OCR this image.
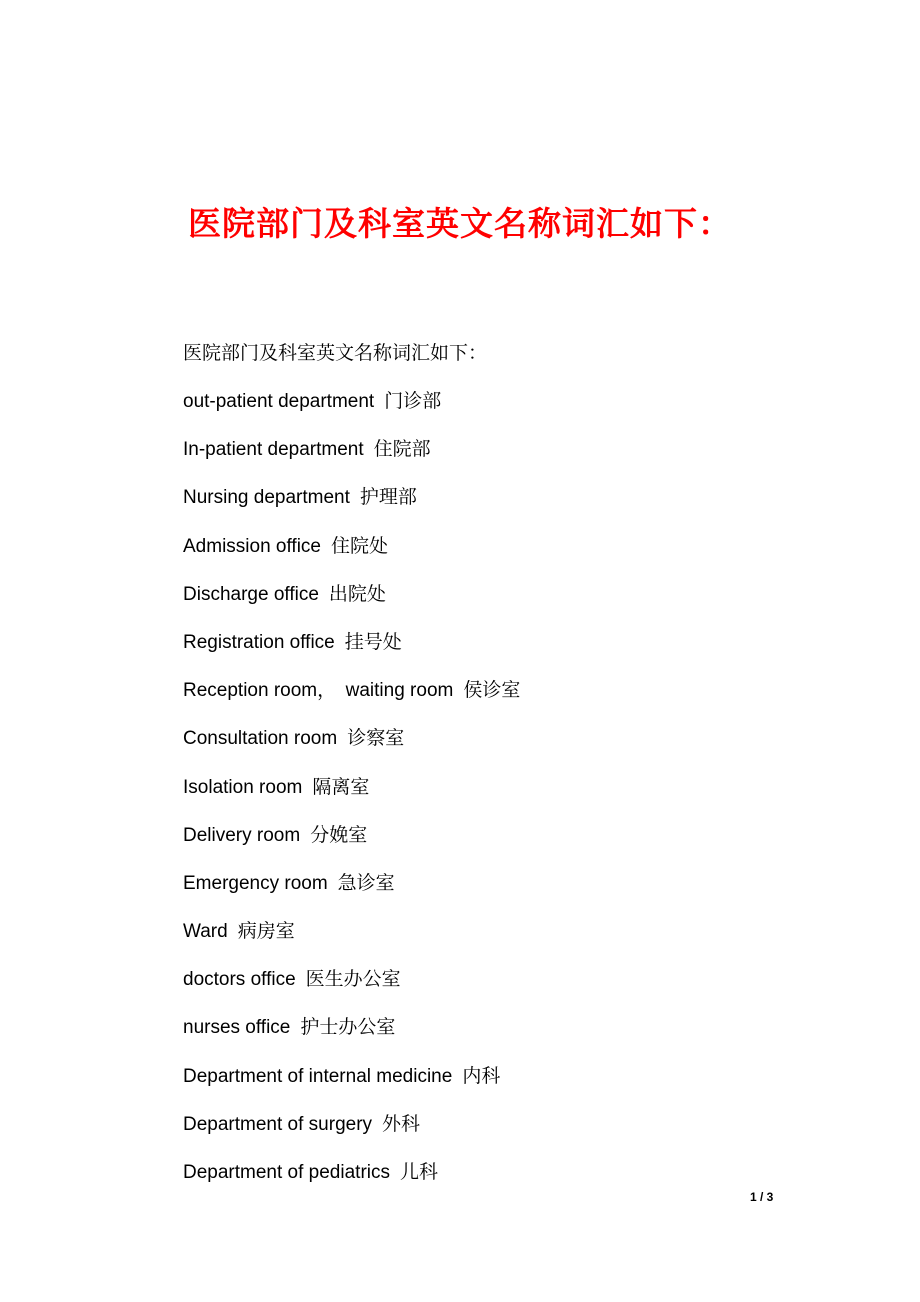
医院部门及科室英文名称词汇如下：

医院部门及科室英文名称词汇如下：

out-patient department 门诊部
In-patient department 住院部
Nursing department 护理部
Admission office 住院处
Discharge office 出院处
Registration office 挂号处
Reception room，　waiting room 侯诊室
Consultation room 诊察室
Isolation room 隔离室
Delivery room 分娩室
Emergency room 急诊室
Ward 病房室
doctors office 医生办公室
nurses office 护士办公室
Department of internal medicine 内科
Department of surgery 外科
Department of pediatrics 儿科
1 / 3
